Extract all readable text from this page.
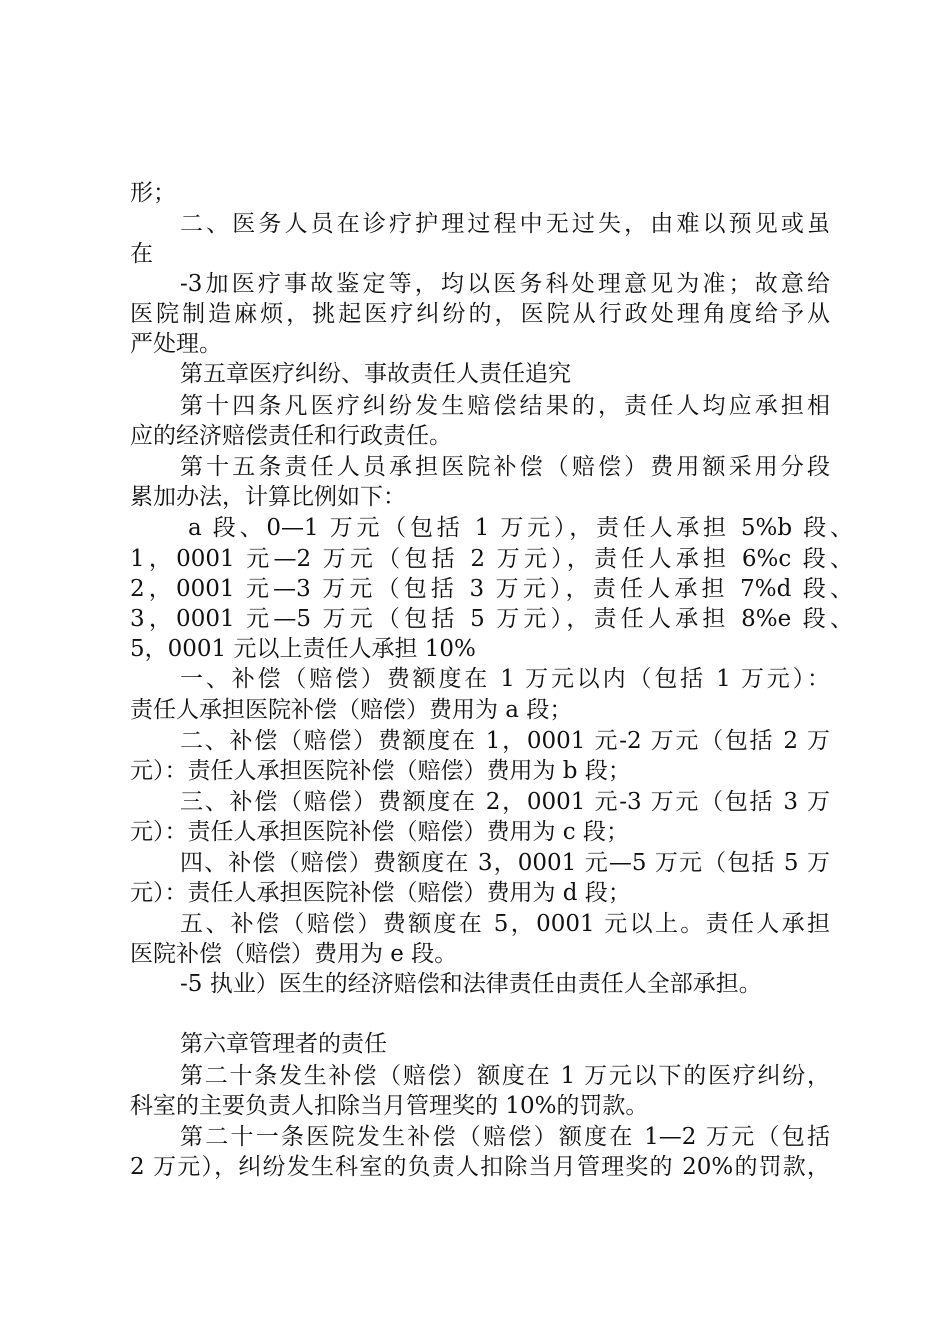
形；
二、医务人员在诊疗护理过程中无过失，由难以预见或虽
在
-3加医疗事故鉴定等，均以医务科处理意见为准；故意给
医院制造麻烦，挑起医疗纠纷的，医院从行政处理角度给予从
严处理。
第五章医疗纠纷、事故责任人责任追究
第十四条凡医疗纠纷发生赔偿结果的，责任人均应承担相
应的经济赔偿责任和行政责任。
第十五条责任人员承担医院补偿（赔偿）费用额采用分段
累加办法，计算比例如下：
a 段、0—1 万元（包括 1 万元），责任人承担 5%b 段、
1，0001 元—2 万元（包括 2 万元），责任人承担 6%c 段、
2，0001 元—3 万元（包括 3 万元），责任人承担 7%d 段、
3，0001 元—5 万元（包括 5 万元），责任人承担 8%e 段、
5，0001 元以上责任人承担 10%
一、补偿（赔偿）费额度在 1 万元以内（包括 1 万元）：
责任人承担医院补偿（赔偿）费用为 a 段；
二、补偿（赔偿）费额度在 1，0001 元-2 万元（包括 2 万
元）：责任人承担医院补偿（赔偿）费用为 b 段；
三、补偿（赔偿）费额度在 2，0001 元-3 万元（包括 3 万
元）：责任人承担医院补偿（赔偿）费用为 c 段；
四、补偿（赔偿）费额度在 3，0001 元—5 万元（包括 5 万
元）：责任人承担医院补偿（赔偿）费用为 d 段；
五、补偿（赔偿）费额度在 5，0001 元以上。责任人承担
医院补偿（赔偿）费用为 e 段。
-5 执业）医生的经济赔偿和法律责任由责任人全部承担。
第六章管理者的责任
第二十条发生补偿（赔偿）额度在 1 万元以下的医疗纠纷，
科室的主要负责人扣除当月管理奖的 10%的罚款。
第二十一条医院发生补偿（赔偿）额度在 1—2 万元（包括
2 万元），纠纷发生科室的负责人扣除当月管理奖的 20%的罚款，
